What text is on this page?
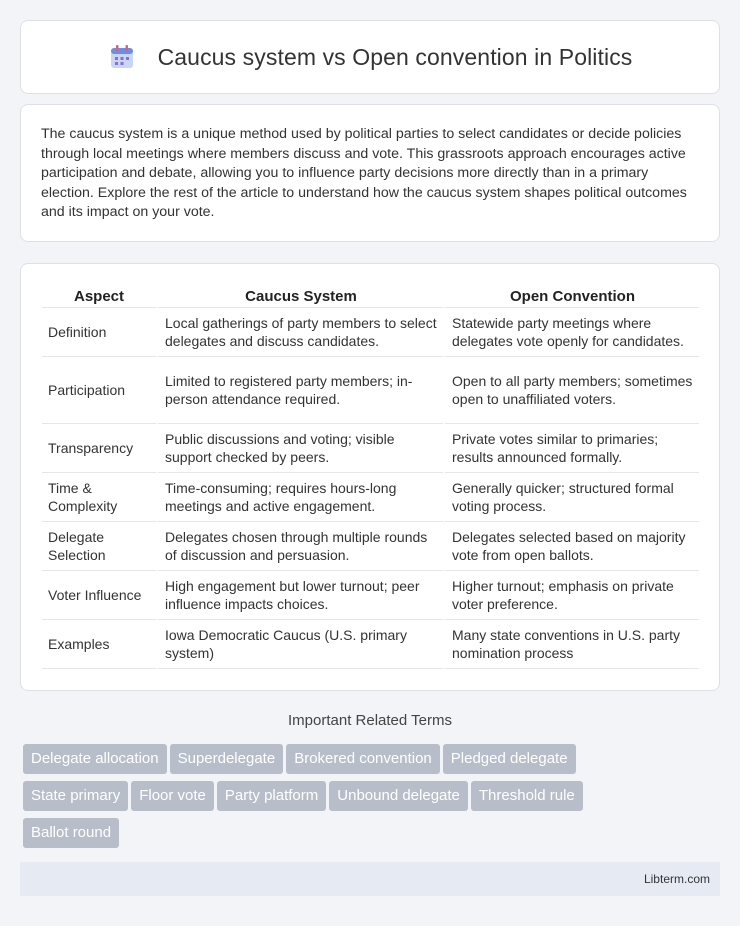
Caucus system vs Open convention in Politics

The caucus system is a unique method used by political parties to select candidates or decide policies through local meetings where members discuss and vote. This grassroots approach encourages active participation and debate, allowing you to influence party decisions more directly than in a primary election. Explore the rest of the article to understand how the caucus system shapes political outcomes and its impact on your vote.

Aspect	Caucus System	Open Convention
Definition	Local gatherings of party members to select delegates and discuss candidates.	Statewide party meetings where delegates vote openly for candidates.
Participation	Limited to registered party members; in-person attendance required.	Open to all party members; sometimes open to unaffiliated voters.
Transparency	Public discussions and voting; visible support checked by peers.	Private votes similar to primaries; results announced formally.
Time & Complexity	Time-consuming; requires hours-long meetings and active engagement.	Generally quicker; structured formal voting process.
Delegate Selection	Delegates chosen through multiple rounds of discussion and persuasion.	Delegates selected based on majority vote from open ballots.
Voter Influence	High engagement but lower turnout; peer influence impacts choices.	Higher turnout; emphasis on private voter preference.
Examples	Iowa Democratic Caucus (U.S. primary system)	Many state conventions in U.S. party nomination process
Important Related Terms
Delegate allocation Superdelegate Brokered convention Pledged delegate
State primary Floor vote Party platform Unbound delegate Threshold rule
Ballot round
Libterm.com
